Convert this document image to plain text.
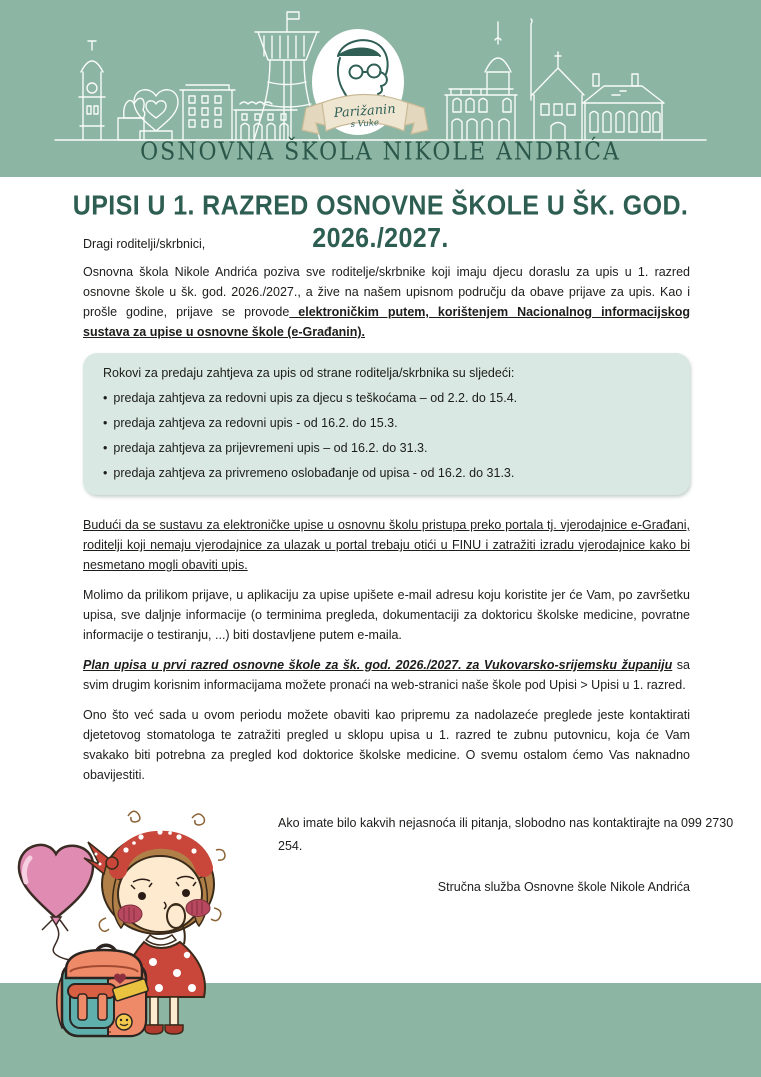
Parižanin
s Vuke
OSNOVNA ŠKOLA NIKOLE ANDRIĆA
UPISI U 1. RAZRED OSNOVNE ŠKOLE U ŠK. GOD. 2026./2027.

Dragi roditelji/skrbnici,

Osnovna škola Nikole Andrića poziva sve roditelje/skrbnike koji imaju djecu doraslu za upis u 1. razred osnovne škole u šk. god. 2026./2027., a žive na našem upisnom području da obave prijave za upis. Kao i prošle godine, prijave se provode elektroničkim putem, korištenjem Nacionalnog informacijskog sustava za upise u osnovne škole (e-Građanin).

Rokovi za predaju zahtjeva za upis od strane roditelja/skrbnika su sljedeći:

• predaja zahtjeva za redovni upis za djecu s teškoćama – od 2.2. do 15.4.
• predaja zahtjeva za redovni upis - od 16.2. do 15.3.
• predaja zahtjeva za prijevremeni upis – od 16.2. do 31.3.
• predaja zahtjeva za privremeno oslobađanje od upisa - od 16.2. do 31.3.

Budući da se sustavu za elektroničke upise u osnovnu školu pristupa preko portala tj. vjerodajnice e-Građani, roditelji koji nemaju vjerodajnice za ulazak u portal trebaju otići u FINU i zatražiti izradu vjerodajnice kako bi nesmetano mogli obaviti upis.

Molimo da prilikom prijave, u aplikaciju za upise upišete e-mail adresu koju koristite jer će Vam, po završetku upisa, sve daljnje informacije (o terminima pregleda, dokumentaciji za doktoricu školske medicine, povratne informacije o testiranju, ...) biti dostavljene putem e-maila.

Plan upisa u prvi razred osnovne škole za šk. god. 2026./2027. za Vukovarsko-srijemsku županiju sa svim drugim korisnim informacijama možete pronaći na web-stranici naše škole pod Upisi > Upisi u 1. razred.

Ono što već sada u ovom periodu možete obaviti kao pripremu za nadolazeće preglede jeste kontaktirati djetetovog stomatologa te zatražiti pregled u sklopu upisa u 1. razred te zubnu putovnicu, koja će Vam svakako biti potrebna za pregled kod doktorice školske medicine. O svemu ostalom ćemo Vas naknadno obavijestiti.

Ako imate bilo kakvih nejasnoća ili pitanja, slobodno nas kontaktirajte na 099 2730 254.
Stručna služba Osnovne škole Nikole Andrića
